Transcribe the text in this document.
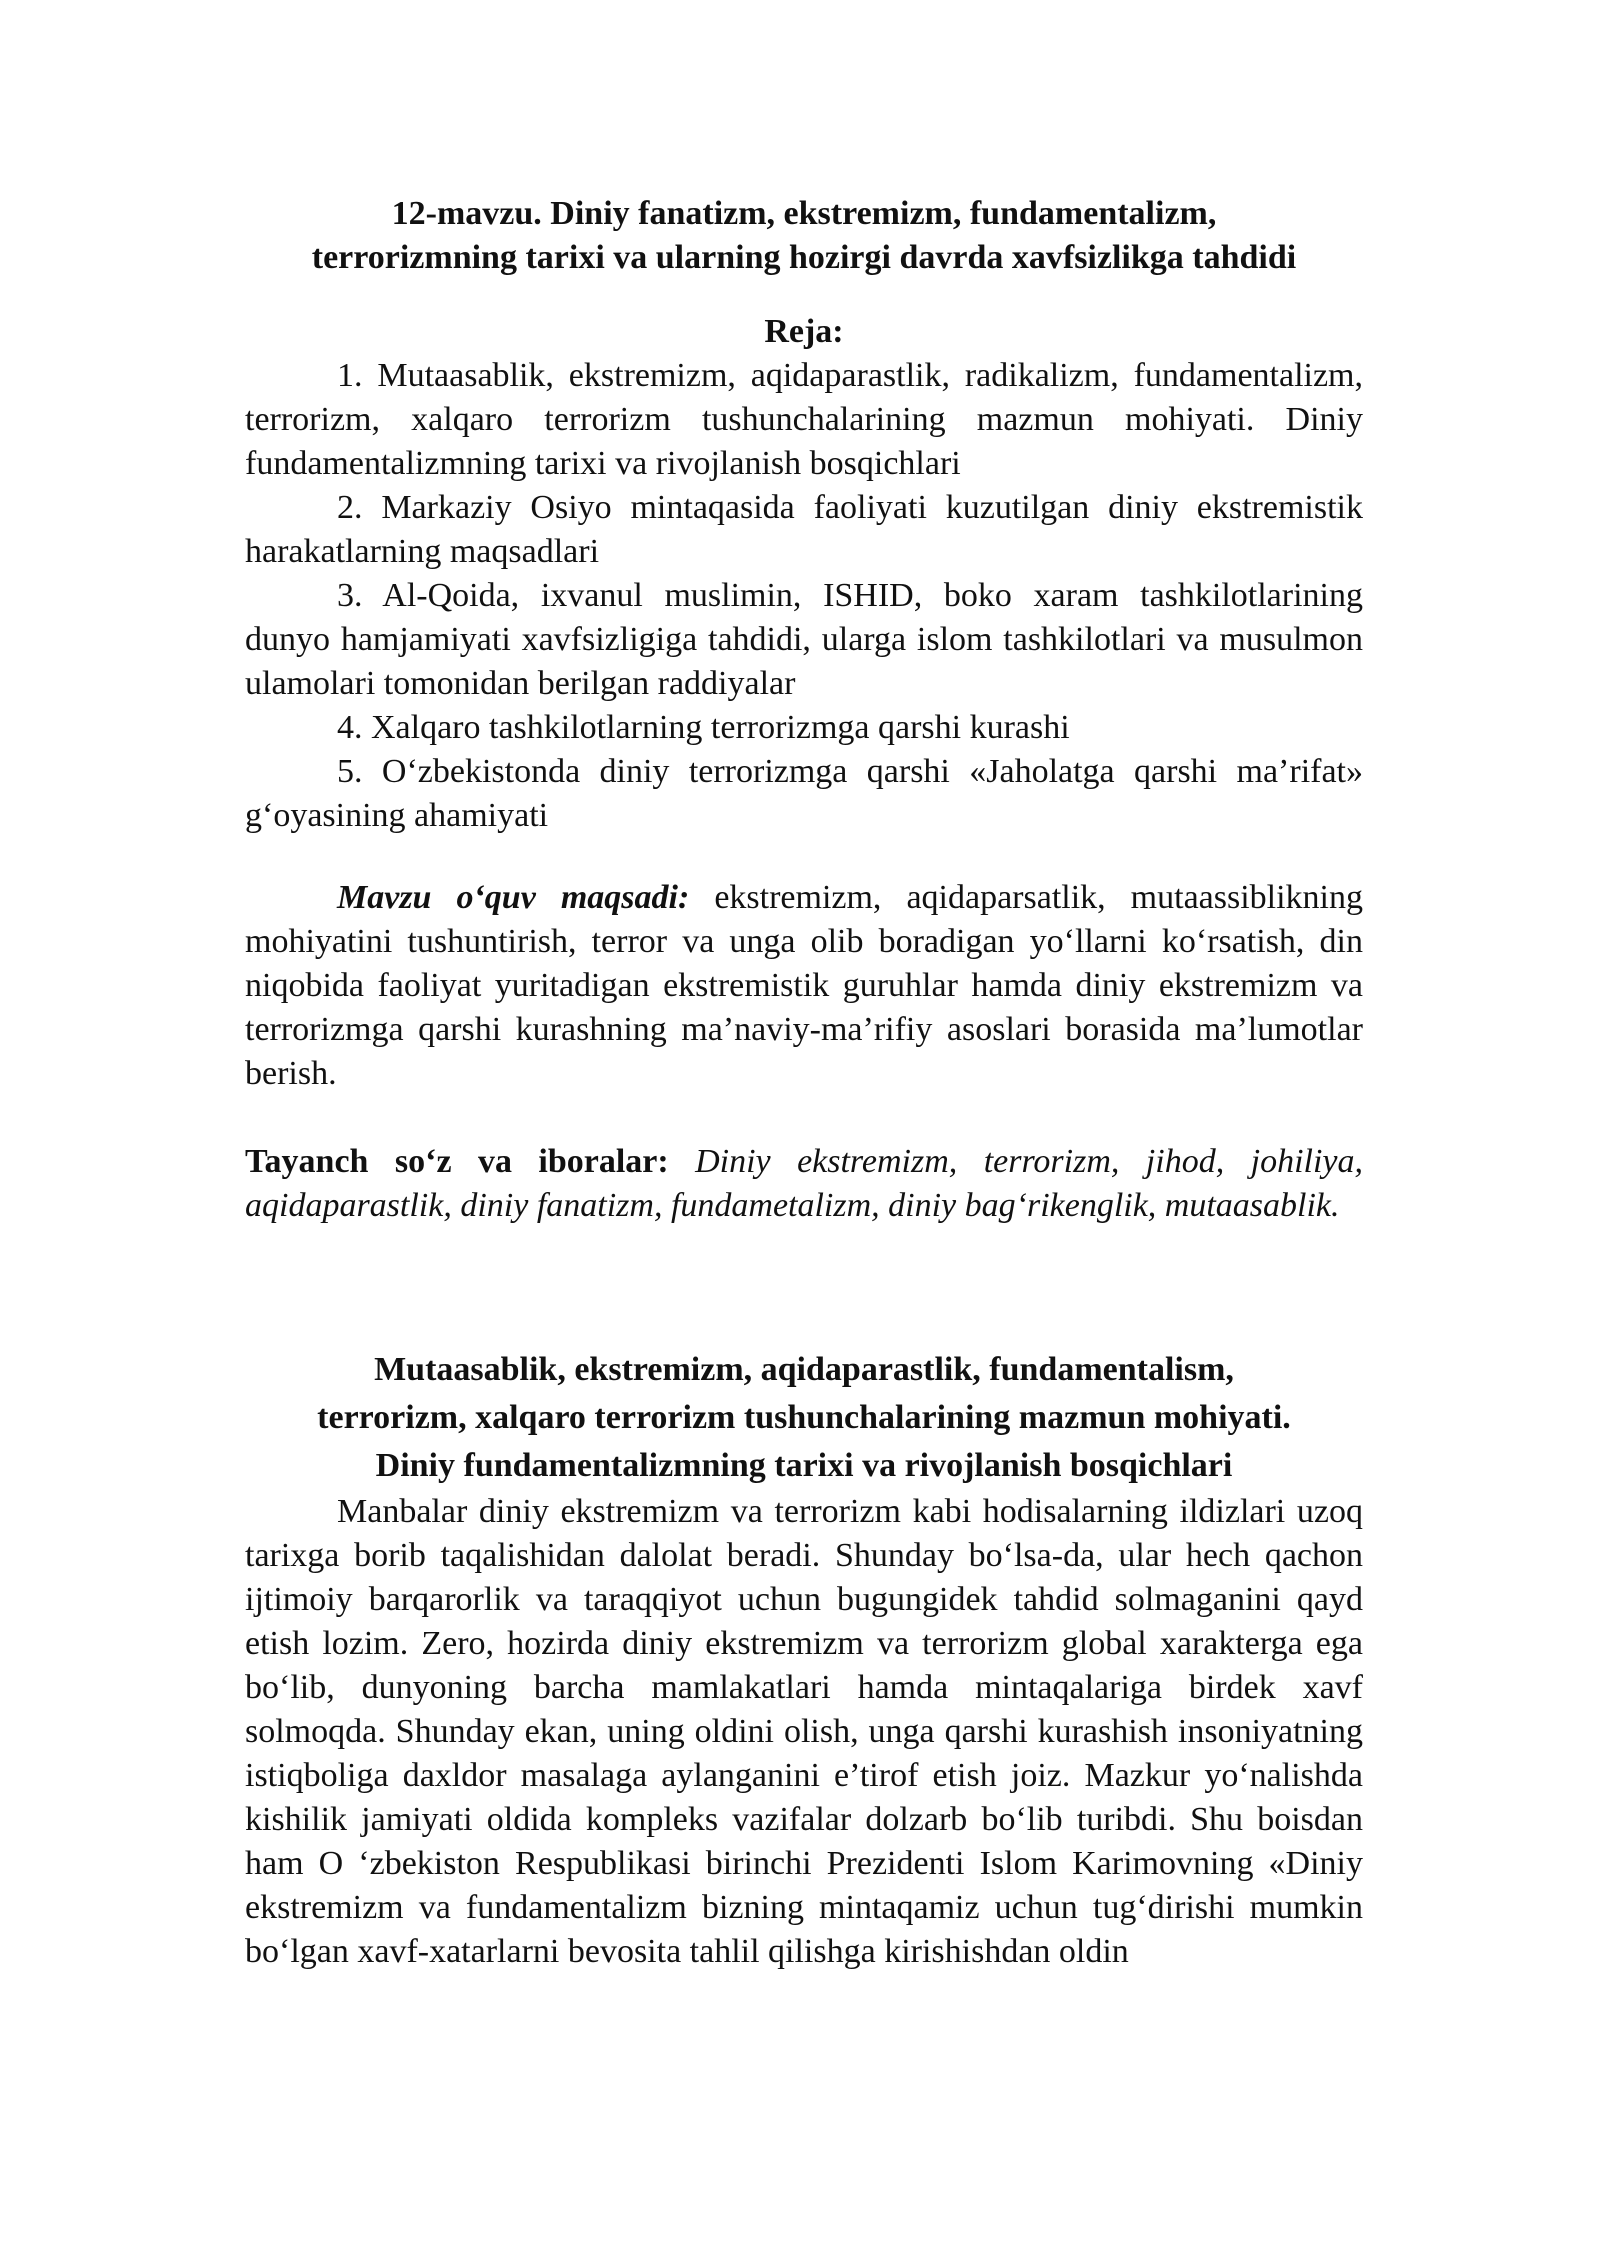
12-mavzu. Diniy fanatizm, ekstremizm, fundamentalizm,
terrorizmning tarixi va ularning hozirgi davrda xavfsizlikga tahdidi
Reja:

1. Mutaasablik, ekstremizm, aqidaparastlik, radikalizm, fundamentalizm, terrorizm, xalqaro terrorizm tushunchalarining mazmun mohiyati. Diniy fundamentalizmning tarixi va rivojlanish bosqichlari

2. Markaziy Osiyo mintaqasida faoliyati kuzutilgan diniy ekstremistik harakatlarning maqsadlari

3. Al-Qoida, ixvanul muslimin, ISHID, boko xaram tashkilotlarining dunyo hamjamiyati xavfsizligiga tahdidi, ularga islom tashkilotlari va musulmon ulamolari tomonidan berilgan raddiyalar

4. Xalqaro tashkilotlarning terrorizmga qarshi kurashi

5. O‘zbekistonda diniy terrorizmga qarshi «Jaholatga qarshi ma’rifat» g‘oyasining ahamiyati

Mavzu o‘quv maqsadi: ekstremizm, aqidaparsatlik, mutaassiblikning mohiyatini tushuntirish, terror va unga olib boradigan yo‘llarni ko‘rsatish, din niqobida faoliyat yuritadigan ekstremistik guruhlar hamda diniy ekstremizm va terrorizmga qarshi kurashning ma’naviy-ma’rifiy asoslari borasida ma’lumotlar berish.

Tayanch so‘z va iboralar: Diniy ekstremizm, terrorizm, jihod, johiliya, aqidaparastlik, diniy fanatizm, fundametalizm, diniy bag‘rikenglik, mutaasablik.

Mutaasablik, ekstremizm, aqidaparastlik, fundamentalism,
terrorizm, xalqaro terrorizm tushunchalarining mazmun mohiyati.
Diniy fundamentalizmning tarixi va rivojlanish bosqichlari

Manbalar diniy ekstremizm va terrorizm kabi hodisalarning ildizlari uzoq tarixga borib taqalishidan dalolat beradi. Shunday bo‘lsa-da, ular hech qachon ijtimoiy barqarorlik va taraqqiyot uchun bugungidek tahdid solmaganini qayd etish lozim. Zero, hozirda diniy ekstremizm va terrorizm global xarakterga ega bo‘lib, dunyoning barcha mamlakatlari hamda mintaqalariga birdek xavf solmoqda. Shunday ekan, uning oldini olish, unga qarshi kurashish insoniyatning istiqboliga daxldor masalaga aylanganini e’tirof etish joiz. Mazkur yo‘nalishda kishilik jamiyati oldida kompleks vazifalar dolzarb bo‘lib turibdi. Shu boisdan ham O ‘zbekiston Respublikasi birinchi Prezidenti Islom Karimovning «Diniy ekstremizm va fundamentalizm bizning mintaqamiz uchun tug‘dirishi mumkin bo‘lgan xavf-xatarlarni bevosita tahlil qilishga kirishishdan oldin
